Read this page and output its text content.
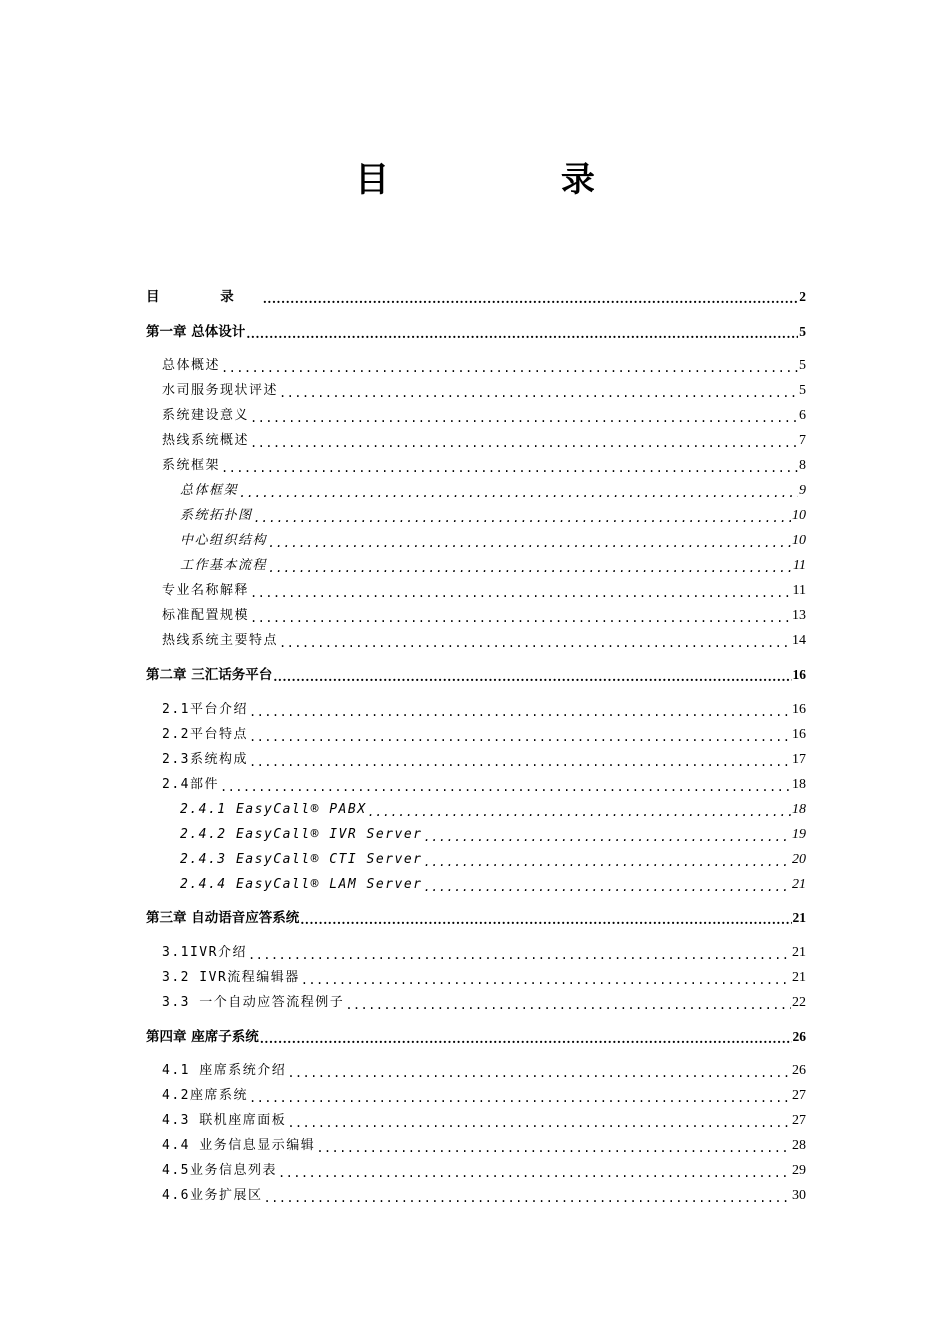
目 录
目 录 .....	2
第一章 总体设计 .....	5
总体概述 .....	5
水司服务现状评述 .....	5
系统建设意义 .....	6
热线系统概述 .....	7
系统框架 .....	8
总体框架 .....	9
系统拓扑图 .....	10
中心组织结构 .....	10
工作基本流程 .....	11
专业名称解释 .....	11
标准配置规模 .....	13
热线系统主要特点 .....	14
第二章 三汇话务平台 .....	16
2.1平台介绍 .....	16
2.2平台特点 .....	16
2.3系统构成 .....	17
2.4部件 .....	18
2.4.1 EasyCall® PABX .....	18
2.4.2 EasyCall® IVR Server .....	19
2.4.3 EasyCall® CTI Server .....	20
2.4.4 EasyCall® LAM Server .....	21
第三章 自动语音应答系统 .....	21
3.1IVR介绍 .....	21
3.2 IVR流程编辑器 .....	21
3.3 一个自动应答流程例子 .....	22
第四章 座席子系统 .....	26
4.1 座席系统介绍 .....	26
4.2座席系统 .....	27
4.3 联机座席面板 .....	27
4.4 业务信息显示编辑 .....	28
4.5业务信息列表 .....	29
4.6业务扩展区 .....	30
